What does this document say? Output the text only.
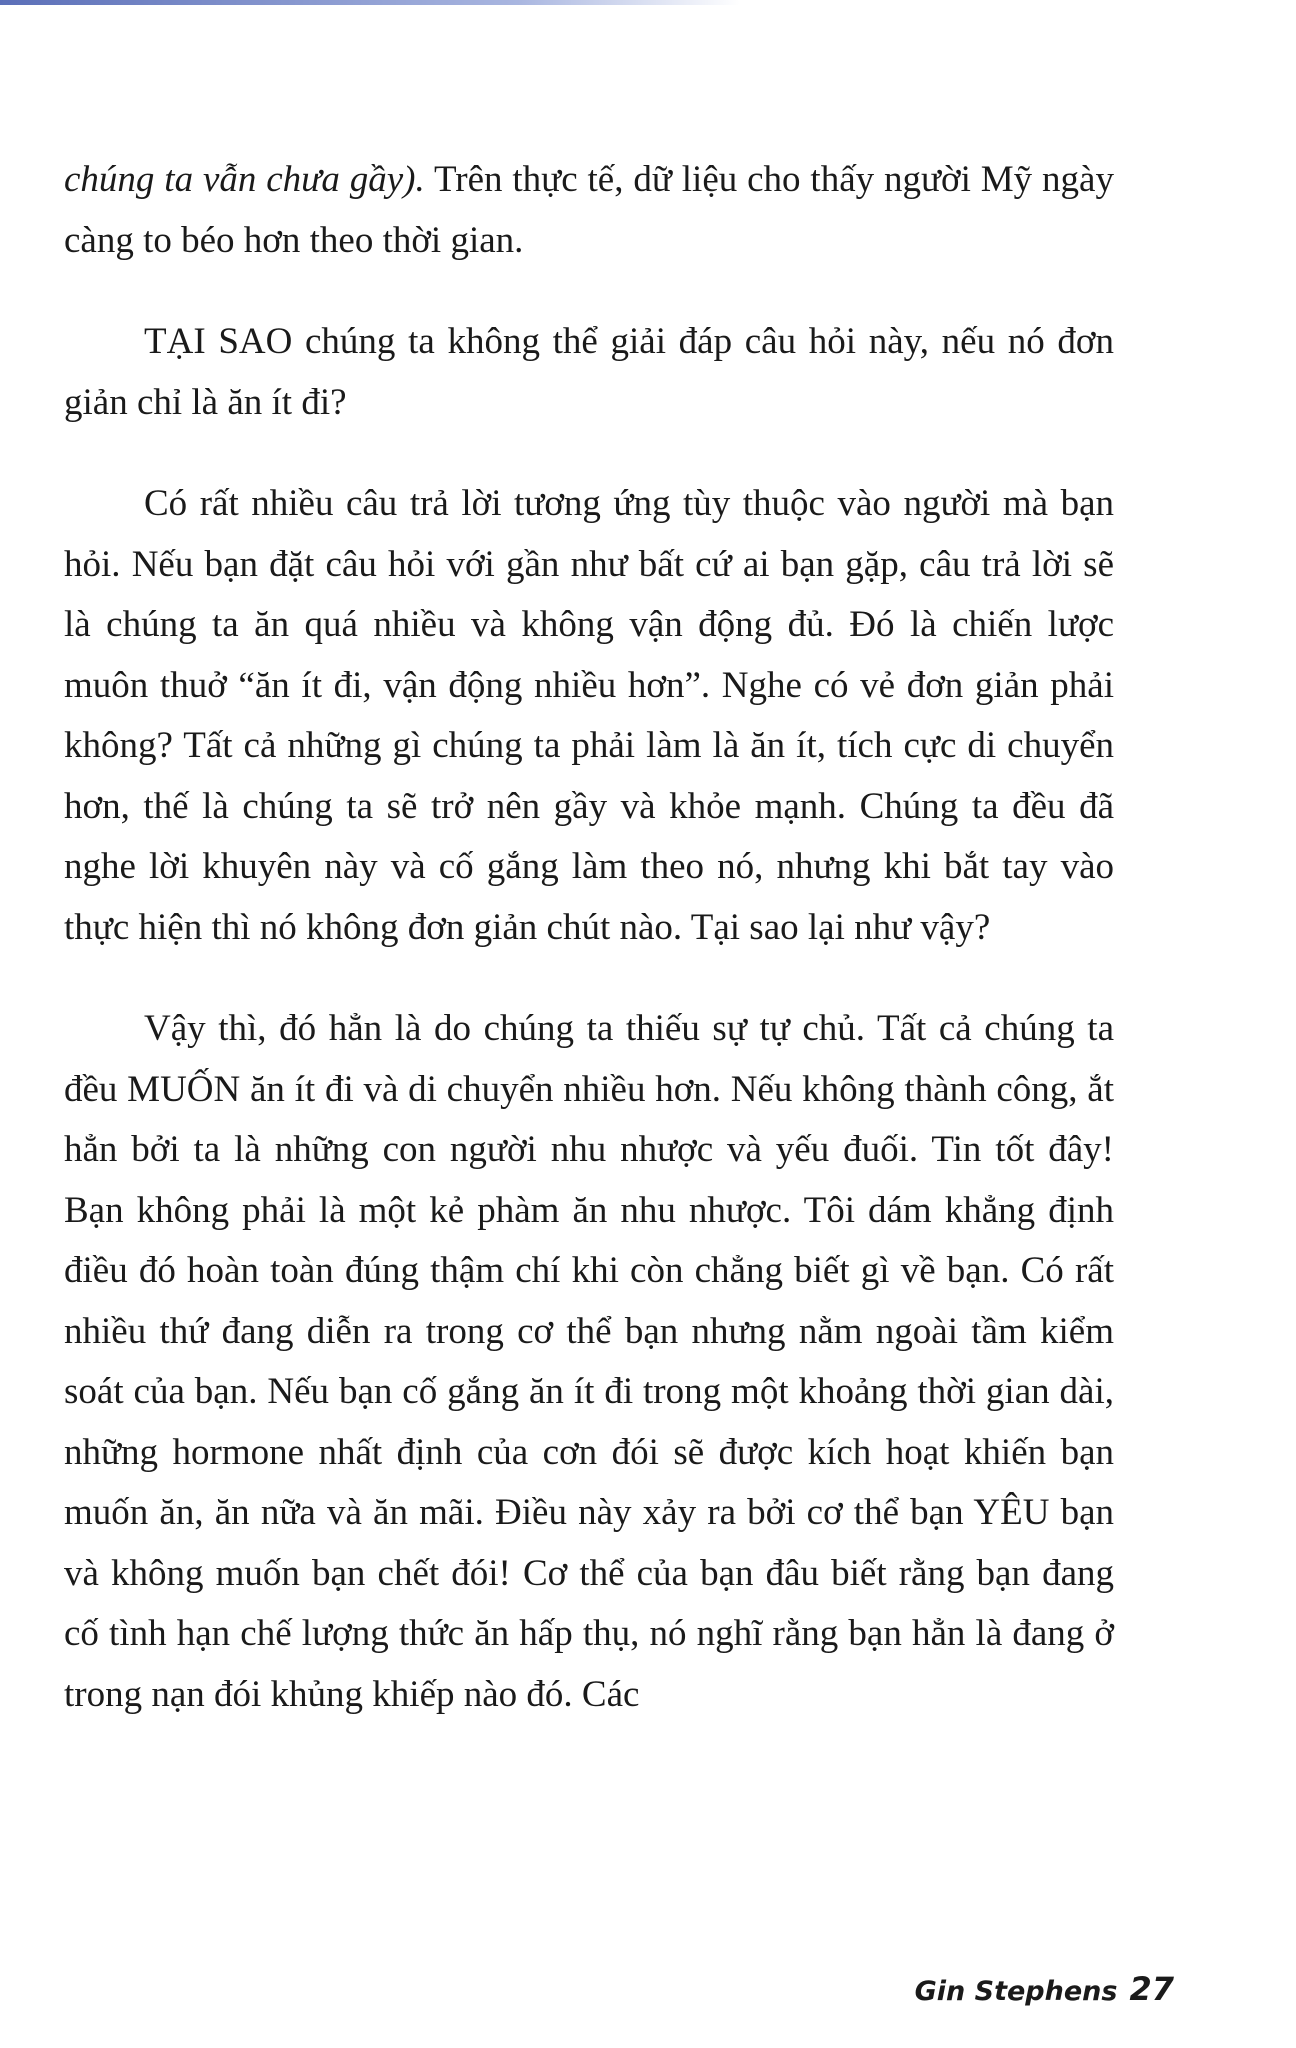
chúng ta vẫn chưa gầy). Trên thực tế, dữ liệu cho thấy người Mỹ ngày càng to béo hơn theo thời gian.

TẠI SAO chúng ta không thể giải đáp câu hỏi này, nếu nó đơn giản chỉ là ăn ít đi?

Có rất nhiều câu trả lời tương ứng tùy thuộc vào người mà bạn hỏi. Nếu bạn đặt câu hỏi với gần như bất cứ ai bạn gặp, câu trả lời sẽ là chúng ta ăn quá nhiều và không vận động đủ. Đó là chiến lược muôn thuở “ăn ít đi, vận động nhiều hơn”. Nghe có vẻ đơn giản phải không? Tất cả những gì chúng ta phải làm là ăn ít, tích cực di chuyển hơn, thế là chúng ta sẽ trở nên gầy và khỏe mạnh. Chúng ta đều đã nghe lời khuyên này và cố gắng làm theo nó, nhưng khi bắt tay vào thực hiện thì nó không đơn giản chút nào. Tại sao lại như vậy?

Vậy thì, đó hẳn là do chúng ta thiếu sự tự chủ. Tất cả chúng ta đều MUỐN ăn ít đi và di chuyển nhiều hơn. Nếu không thành công, ắt hẳn bởi ta là những con người nhu nhược và yếu đuối. Tin tốt đây! Bạn không phải là một kẻ phàm ăn nhu nhược. Tôi dám khẳng định điều đó hoàn toàn đúng thậm chí khi còn chẳng biết gì về bạn. Có rất nhiều thứ đang diễn ra trong cơ thể bạn nhưng nằm ngoài tầm kiểm soát của bạn. Nếu bạn cố gắng ăn ít đi trong một khoảng thời gian dài, những hormone nhất định của cơn đói sẽ được kích hoạt khiến bạn muốn ăn, ăn nữa và ăn mãi. Điều này xảy ra bởi cơ thể bạn YÊU bạn và không muốn bạn chết đói! Cơ thể của bạn đâu biết rằng bạn đang cố tình hạn chế lượng thức ăn hấp thụ, nó nghĩ rằng bạn hẳn là đang ở trong nạn đói khủng khiếp nào đó. Các

Gin Stephens 27
